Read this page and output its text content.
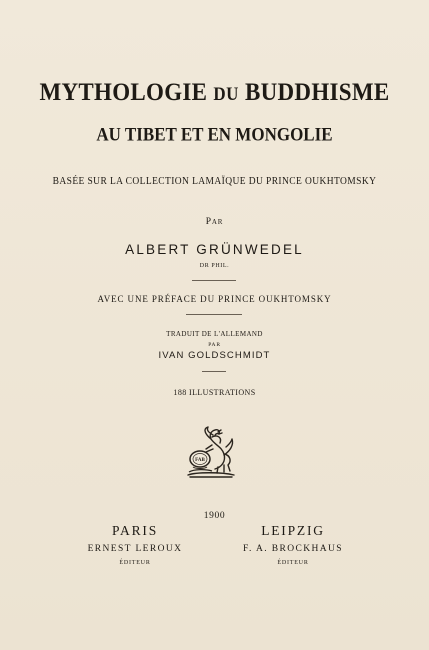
MYTHOLOGIE DU BUDDHISME
AU TIBET ET EN MONGOLIE
BASÉE SUR LA COLLECTION LAMAÏQUE DU PRINCE OUKHTOMSKY
Par
ALBERT GRÜNWEDEL
DR PHIL.
AVEC UNE PRÉFACE DU PRINCE OUKHTOMSKY
TRADUIT DE L'ALLEMAND
PAR
IVAN GOLDSCHMIDT
188 ILLUSTRATIONS
FAB
1900
PARIS
ERNEST LEROUX
ÉDITEUR
LEIPZIG
F. A. BROCKHAUS
ÉDITEUR
